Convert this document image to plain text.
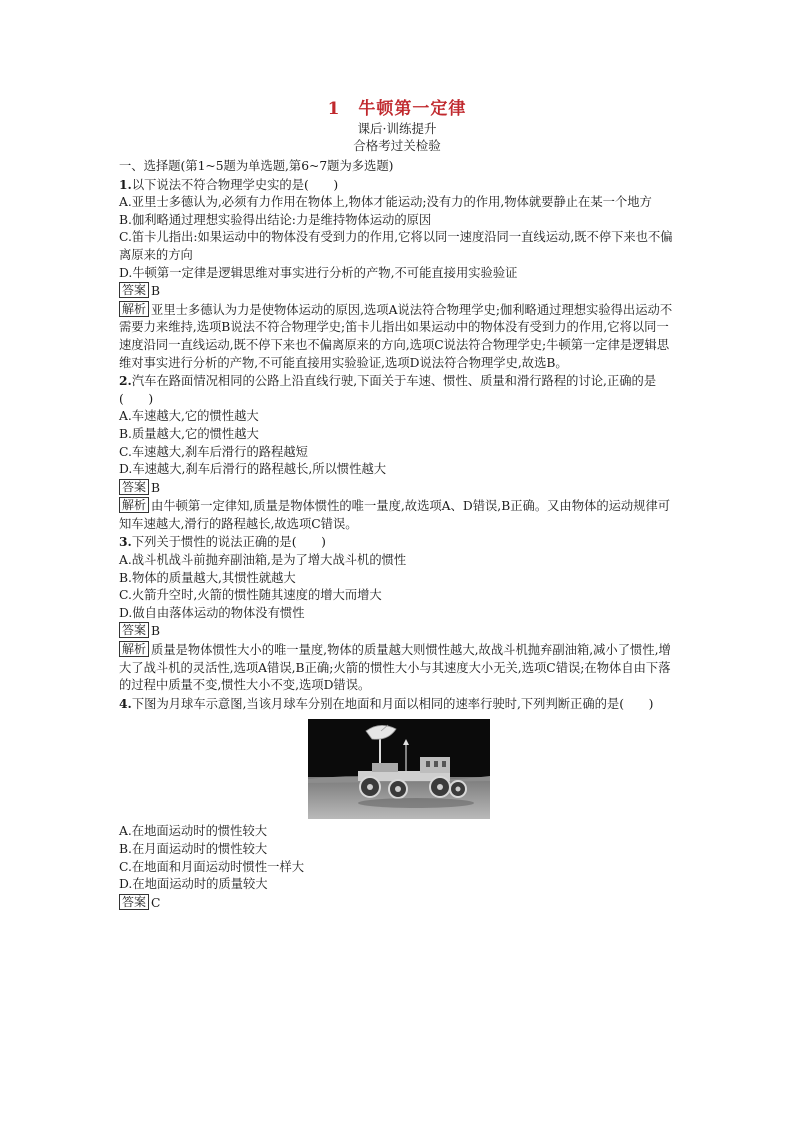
1　牛顿第一定律
课后·训练提升
合格考过关检验

一、选择题(第1~5题为单选题,第6~7题为多选题)

1.以下说法不符合物理学史实的是(　　)

A.亚里士多德认为,必须有力作用在物体上,物体才能运动;没有力的作用,物体就要静止在某一个地方

B.伽利略通过理想实验得出结论:力是维持物体运动的原因

C.笛卡儿指出:如果运动中的物体没有受到力的作用,它将以同一速度沿同一直线运动,既不停下来也不偏离原来的方向

D.牛顿第一定律是逻辑思维对事实进行分析的产物,不可能直接用实验验证

答案 B

解析 亚里士多德认为力是使物体运动的原因,选项A说法符合物理学史;伽利略通过理想实验得出运动不需要力来维持,选项B说法不符合物理学史;笛卡儿指出如果运动中的物体没有受到力的作用,它将以同一速度沿同一直线运动,既不停下来也不偏离原来的方向,选项C说法符合物理学史;牛顿第一定律是逻辑思维对事实进行分析的产物,不可能直接用实验验证,选项D说法符合物理学史,故选B。

2.汽车在路面情况相同的公路上沿直线行驶,下面关于车速、惯性、质量和滑行路程的讨论,正确的是(　　)

A.车速越大,它的惯性越大

B.质量越大,它的惯性越大

C.车速越大,刹车后滑行的路程越短

D.车速越大,刹车后滑行的路程越长,所以惯性越大

答案 B

解析 由牛顿第一定律知,质量是物体惯性的唯一量度,故选项A、D错误,B正确。又由物体的运动规律可知车速越大,滑行的路程越长,故选项C错误。

3.下列关于惯性的说法正确的是(　　)

A.战斗机战斗前抛弃副油箱,是为了增大战斗机的惯性

B.物体的质量越大,其惯性就越大

C.火箭升空时,火箭的惯性随其速度的增大而增大

D.做自由落体运动的物体没有惯性

答案 B

解析 质量是物体惯性大小的唯一量度,物体的质量越大则惯性越大,故战斗机抛弃副油箱,减小了惯性,增大了战斗机的灵活性,选项A错误,B正确;火箭的惯性大小与其速度大小无关,选项C错误;在物体自由下落的过程中质量不变,惯性大小不变,选项D错误。

4.下图为月球车示意图,当该月球车分别在地面和月面以相同的速率行驶时,下列判断正确的是(　　)

A.在地面运动时的惯性较大

B.在月面运动时的惯性较大

C.在地面和月面运动时惯性一样大

D.在地面运动时的质量较大

答案 C
